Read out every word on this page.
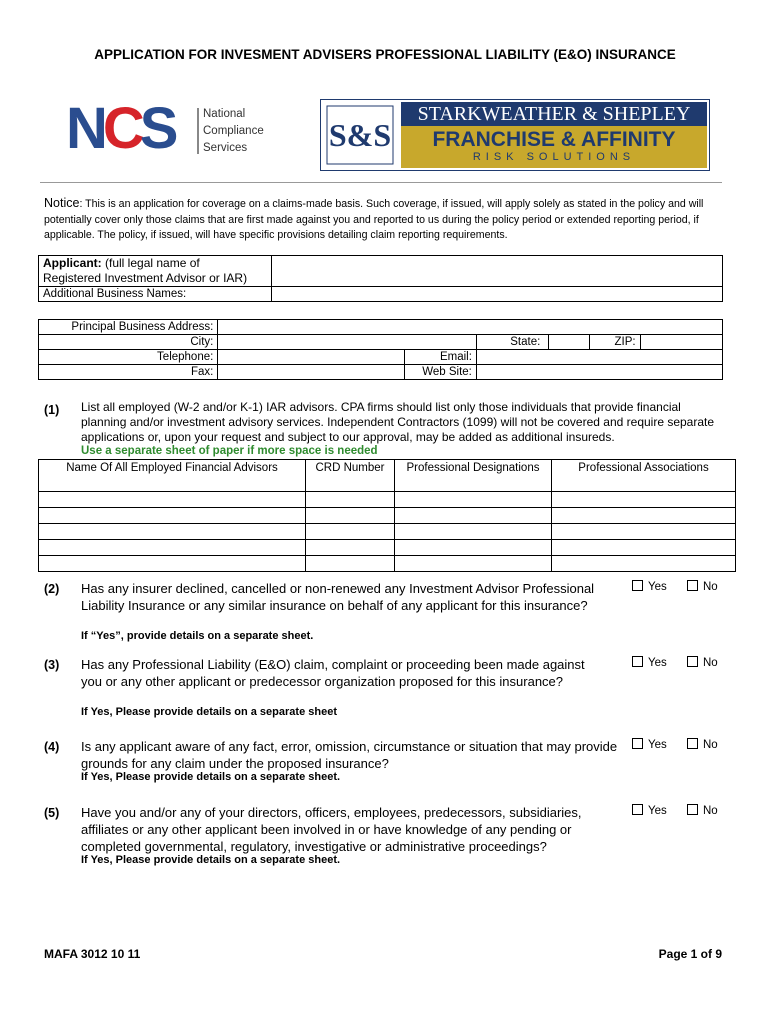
APPLICATION FOR INVESMENT ADVISERS PROFESSIONAL LIABILITY (E&O) INSURANCE
NCS	National
Compliance
Services	S&S
STARKWEATHER & SHEPLEY
FRANCHISE & AFFINITY
RISK SOLUTIONS
Notice: This is an application for coverage on a claims-made basis. Such coverage, if issued, will apply solely as stated in the policy and will potentially cover only those claims that are first made against you and reported to us during the policy period or extended reporting period, if applicable. The policy, if issued, will have specific provisions detailing claim reporting requirements.
Applicant: (full legal name of
Registered Investment Advisor or IAR)	
Additional Business Names:	
Principal Business Address:					
City:			State:	ZIP:	
Telephone:		Email:			
Fax:		Web Site:			
(1) List all employed (W-2 and/or K-1) IAR advisors. CPA firms should list only those individuals that provide financial planning and/or investment advisory services. Independent Contractors (1099) will not be covered and require separate applications or, upon your request and subject to our approval, may be added as additional insureds.
Use a separate sheet of paper if more space is needed
Name Of All Employed Financial Advisors	CRD Number	Professional Designations	Professional Associations

(2) Has any insurer declined, cancelled or non-renewed any Investment Advisor Professional Liability Insurance or any similar insurance on behalf of any applicant for this insurance?
If “Yes”, provide details on a separate sheet.
Yes	No
(3) Has any Professional Liability (E&O) claim, complaint or proceeding been made against you or any other applicant or predecessor organization proposed for this insurance?
If Yes, Please provide details on a separate sheet
Yes	No
(4) Is any applicant aware of any fact, error, omission, circumstance or situation that may provide grounds for any claim under the proposed insurance?
If Yes, Please provide details on a separate sheet.
Yes	No
(5) Have you and/or any of your directors, officers, employees, predecessors, subsidiaries, affiliates or any other applicant been involved in or have knowledge of any pending or completed governmental, regulatory, investigative or administrative proceedings?
If Yes, Please provide details on a separate sheet.
Yes	No
MAFA 3012 10 11	Page 1 of 9
